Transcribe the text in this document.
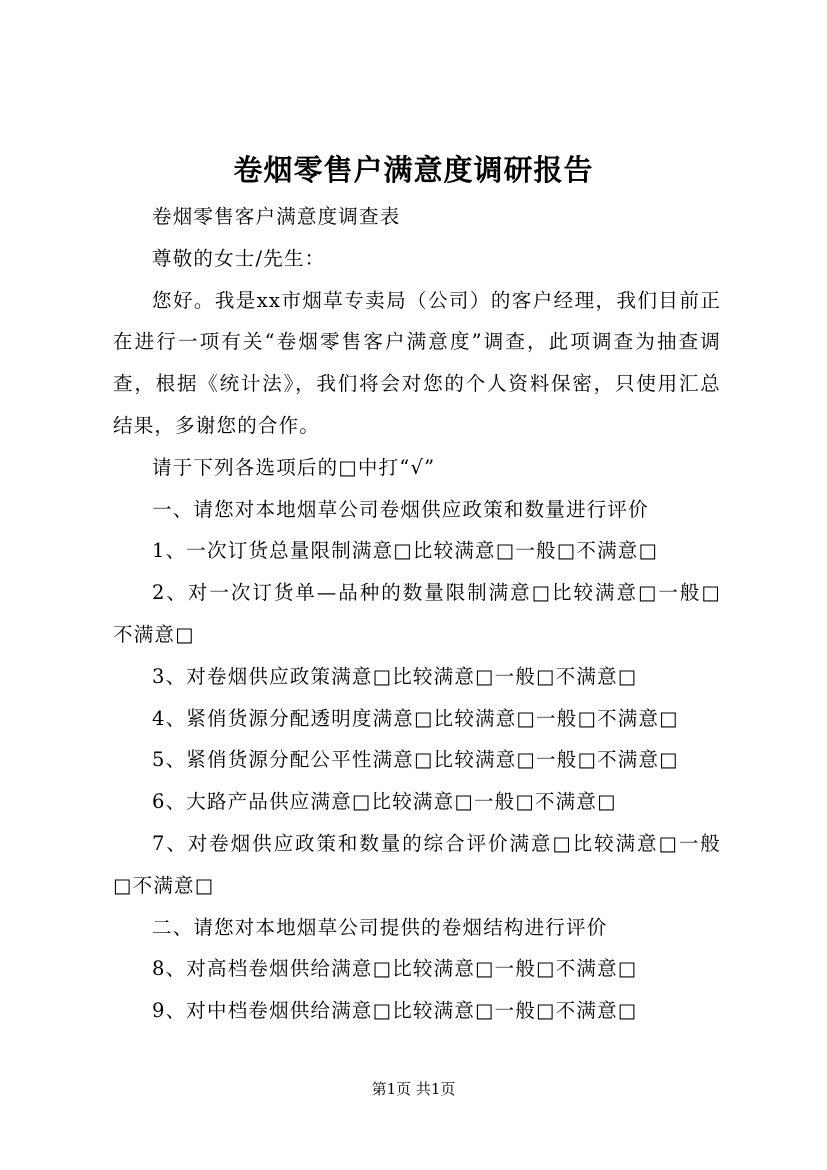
卷烟零售户满意度调研报告

卷烟零售客户满意度调查表

尊敬的女士/先生：

您好。我是xx市烟草专卖局（公司）的客户经理，我们目前正在进行一项有关“卷烟零售客户满意度”调查，此项调查为抽查调查，根据《统计法》，我们将会对您的个人资料保密，只使用汇总结果，多谢您的合作。

请于下列各选项后的□中打“√”

一、请您对本地烟草公司卷烟供应政策和数量进行评价

1、一次订货总量限制满意□比较满意□一般□不满意□

2、对一次订货单—品种的数量限制满意□比较满意□一般□不满意□

3、对卷烟供应政策满意□比较满意□一般□不满意□

4、紧俏货源分配透明度满意□比较满意□一般□不满意□

5、紧俏货源分配公平性满意□比较满意□一般□不满意□

6、大路产品供应满意□比较满意□一般□不满意□

7、对卷烟供应政策和数量的综合评价满意□比较满意□一般□不满意□

二、请您对本地烟草公司提供的卷烟结构进行评价

8、对高档卷烟供给满意□比较满意□一般□不满意□

9、对中档卷烟供给满意□比较满意□一般□不满意□

第1页 共1页
